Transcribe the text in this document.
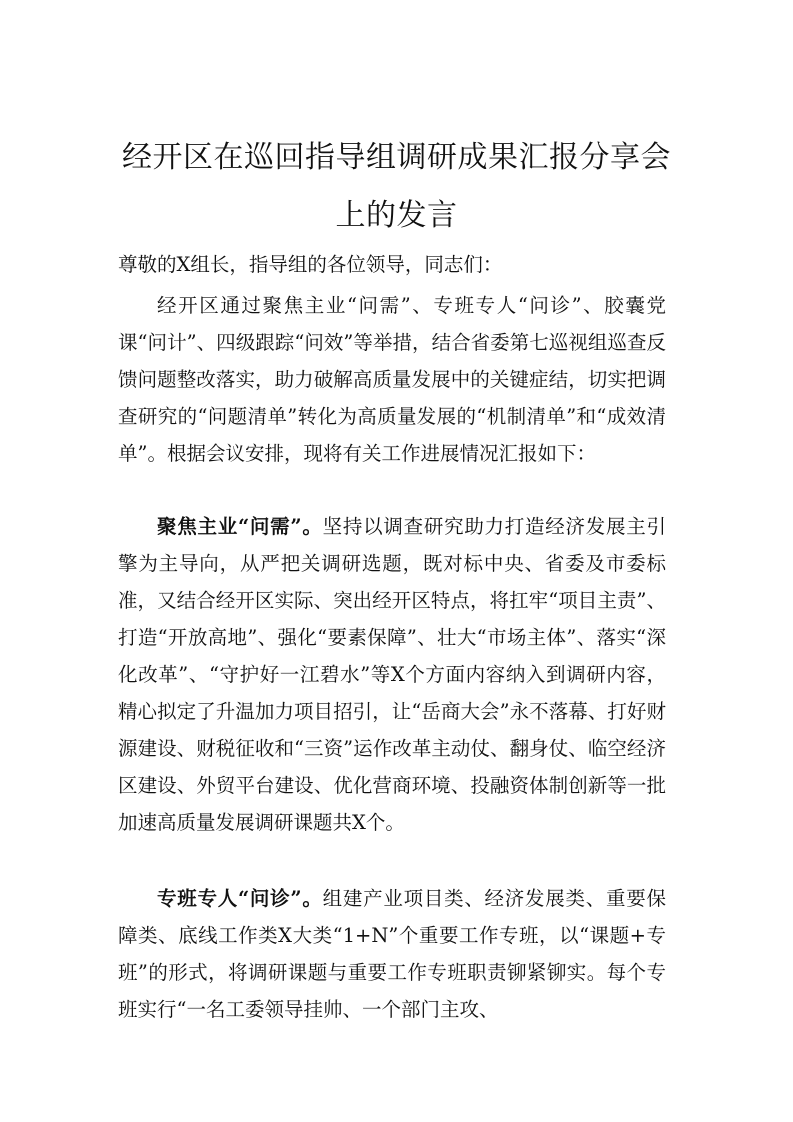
经开区在巡回指导组调研成果汇报分享会
上的发言
尊敬的X组长，指导组的各位领导，同志们：
经开区通过聚焦主业“问需”、专班专人“问诊”、胶囊党课“问计”、四级跟踪“问效”等举措，结合省委第七巡视组巡查反馈问题整改落实，助力破解高质量发展中的关键症结，切实把调查研究的“问题清单”转化为高质量发展的“机制清单”和“成效清单”。根据会议安排，现将有关工作进展情况汇报如下：
聚焦主业“问需”。坚持以调查研究助力打造经济发展主引擎为主导向，从严把关调研选题，既对标中央、省委及市委标准，又结合经开区实际、突出经开区特点，将扛牢“项目主责”、打造“开放高地”、强化“要素保障”、壮大“市场主体”、落实“深化改革”、“守护好一江碧水”等X个方面内容纳入到调研内容，精心拟定了升温加力项目招引，让“岳商大会”永不落幕、打好财源建设、财税征收和“三资”运作改革主动仗、翻身仗、临空经济区建设、外贸平台建设、优化营商环境、投融资体制创新等一批加速高质量发展调研课题共X个。
专班专人“问诊”。组建产业项目类、经济发展类、重要保障类、底线工作类X大类“1+N”个重要工作专班，以“课题+专班”的形式，将调研课题与重要工作专班职责铆紧铆实。每个专班实行“一名工委领导挂帅、一个部门主攻、
